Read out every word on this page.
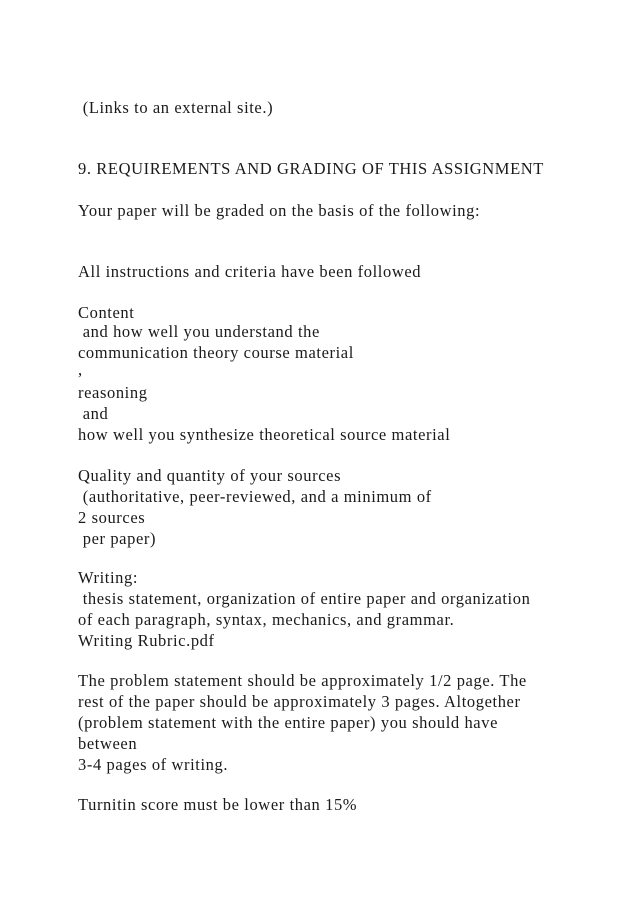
(Links to an external site.)

9. REQUIREMENTS AND GRADING OF THIS ASSIGNMENT

Your paper will be graded on the basis of the following:

All instructions and criteria have been followed

Content

and how well you understand the

communication theory course material

,

reasoning

and

how well you synthesize theoretical source material

Quality and quantity of your sources

(authoritative, peer-reviewed, and a minimum of

2 sources

per paper)

Writing:

thesis statement, organization of entire paper and organization

of each paragraph, syntax, mechanics, and grammar.

Writing Rubric.pdf

The problem statement should be approximately 1/2 page. The

rest of the paper should be approximately 3 pages. Altogether

(problem statement with the entire paper) you should have

between

3-4 pages of writing.

Turnitin score must be lower than 15%
